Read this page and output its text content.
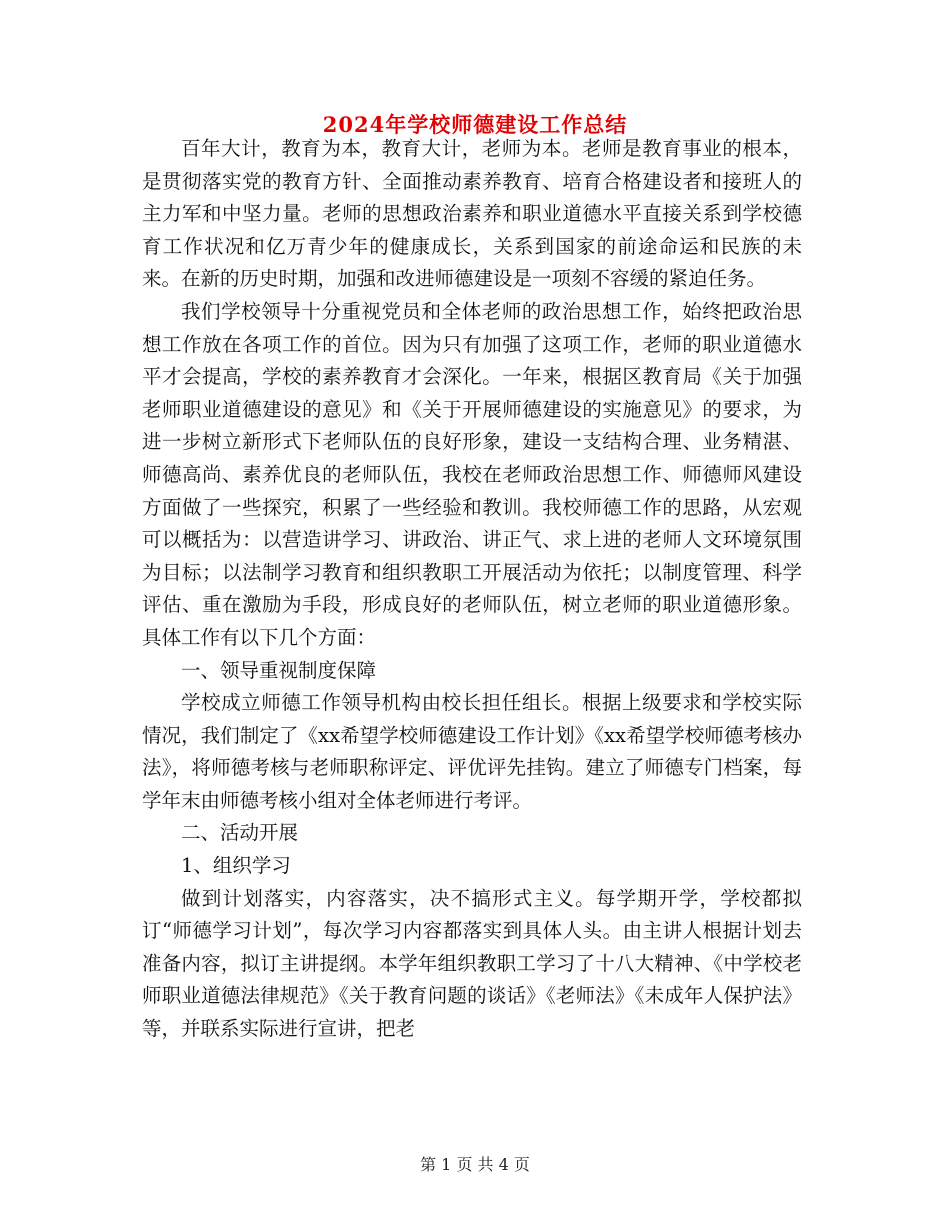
2024年学校师德建设工作总结
百年大计，教育为本，教育大计，老师为本。老师是教育事业的根本，是贯彻落实党的教育方针、全面推动素养教育、培育合格建设者和接班人的主力军和中坚力量。老师的思想政治素养和职业道德水平直接关系到学校德育工作状况和亿万青少年的健康成长，关系到国家的前途命运和民族的未来。在新的历史时期，加强和改进师德建设是一项刻不容缓的紧迫任务。
我们学校领导十分重视党员和全体老师的政治思想工作，始终把政治思想工作放在各项工作的首位。因为只有加强了这项工作，老师的职业道德水平才会提高，学校的素养教育才会深化。一年来，根据区教育局《关于加强老师职业道德建设的意见》和《关于开展师德建设的实施意见》的要求，为进一步树立新形式下老师队伍的良好形象，建设一支结构合理、业务精湛、师德高尚、素养优良的老师队伍，我校在老师政治思想工作、师德师风建设方面做了一些探究，积累了一些经验和教训。我校师德工作的思路，从宏观可以概括为：以营造讲学习、讲政治、讲正气、求上进的老师人文环境氛围为目标；以法制学习教育和组织教职工开展活动为依托；以制度管理、科学评估、重在激励为手段，形成良好的老师队伍，树立老师的职业道德形象。具体工作有以下几个方面：
一、领导重视制度保障
学校成立师德工作领导机构由校长担任组长。根据上级要求和学校实际情况，我们制定了《xx希望学校师德建设工作计划》《xx希望学校师德考核办法》，将师德考核与老师职称评定、评优评先挂钩。建立了师德专门档案，每学年末由师德考核小组对全体老师进行考评。
二、活动开展
1、组织学习
做到计划落实，内容落实，决不搞形式主义。每学期开学，学校都拟订“师德学习计划”，每次学习内容都落实到具体人头。由主讲人根据计划去准备内容，拟订主讲提纲。本学年组织教职工学习了十八大精神、《中学校老师职业道德法律规范》《关于教育问题的谈话》《老师法》《未成年人保护法》等，并联系实际进行宣讲，把老
第 1 页 共 4 页
